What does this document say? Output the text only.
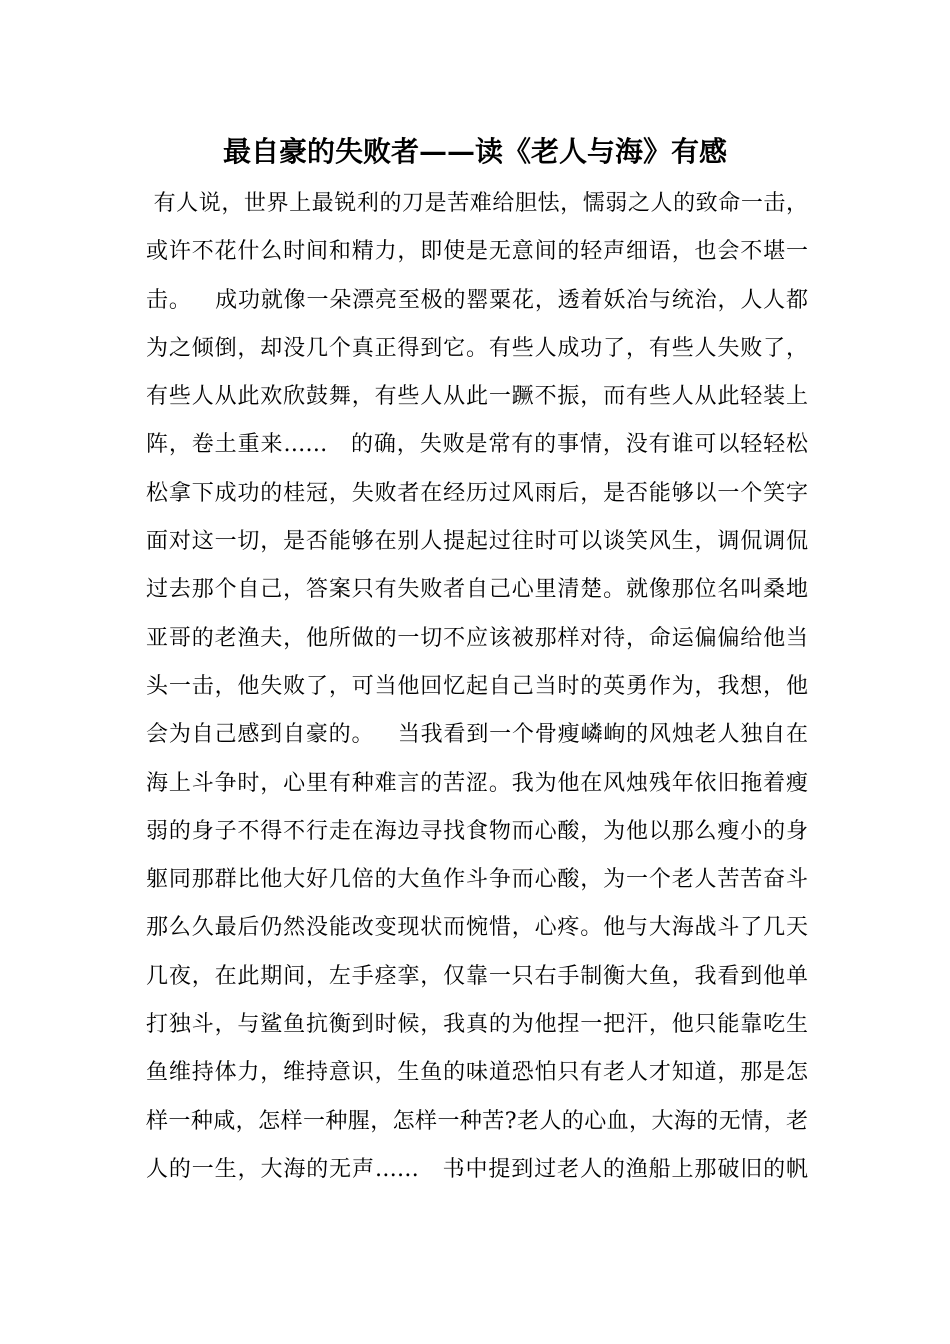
最自豪的失败者——读《老人与海》有感
有人说，世界上最锐利的刀是苦难给胆怯，懦弱之人的致命一击，
或许不花什么时间和精力，即使是无意间的轻声细语，也会不堪一
击。   成功就像一朵漂亮至极的罂粟花，透着妖冶与统治，人人都
为之倾倒，却没几个真正得到它。有些人成功了，有些人失败了，
有些人从此欢欣鼓舞，有些人从此一蹶不振，而有些人从此轻装上
阵，卷土重来……   的确，失败是常有的事情，没有谁可以轻轻松
松拿下成功的桂冠，失败者在经历过风雨后，是否能够以一个笑字
面对这一切，是否能够在别人提起过往时可以谈笑风生，调侃调侃
过去那个自己，答案只有失败者自己心里清楚。就像那位名叫桑地
亚哥的老渔夫，他所做的一切不应该被那样对待，命运偏偏给他当
头一击，他失败了，可当他回忆起自己当时的英勇作为，我想，他
会为自己感到自豪的。   当我看到一个骨瘦嶙峋的风烛老人独自在
海上斗争时，心里有种难言的苦涩。我为他在风烛残年依旧拖着瘦
弱的身子不得不行走在海边寻找食物而心酸，为他以那么瘦小的身
躯同那群比他大好几倍的大鱼作斗争而心酸，为一个老人苦苦奋斗
那么久最后仍然没能改变现状而惋惜，心疼。他与大海战斗了几天
几夜，在此期间，左手痉挛，仅靠一只右手制衡大鱼，我看到他单
打独斗，与鲨鱼抗衡到时候，我真的为他捏一把汗，他只能靠吃生
鱼维持体力，维持意识，生鱼的味道恐怕只有老人才知道，那是怎
样一种咸，怎样一种腥，怎样一种苦?老人的心血，大海的无情，老
人的一生，大海的无声……   书中提到过老人的渔船上那破旧的帆
